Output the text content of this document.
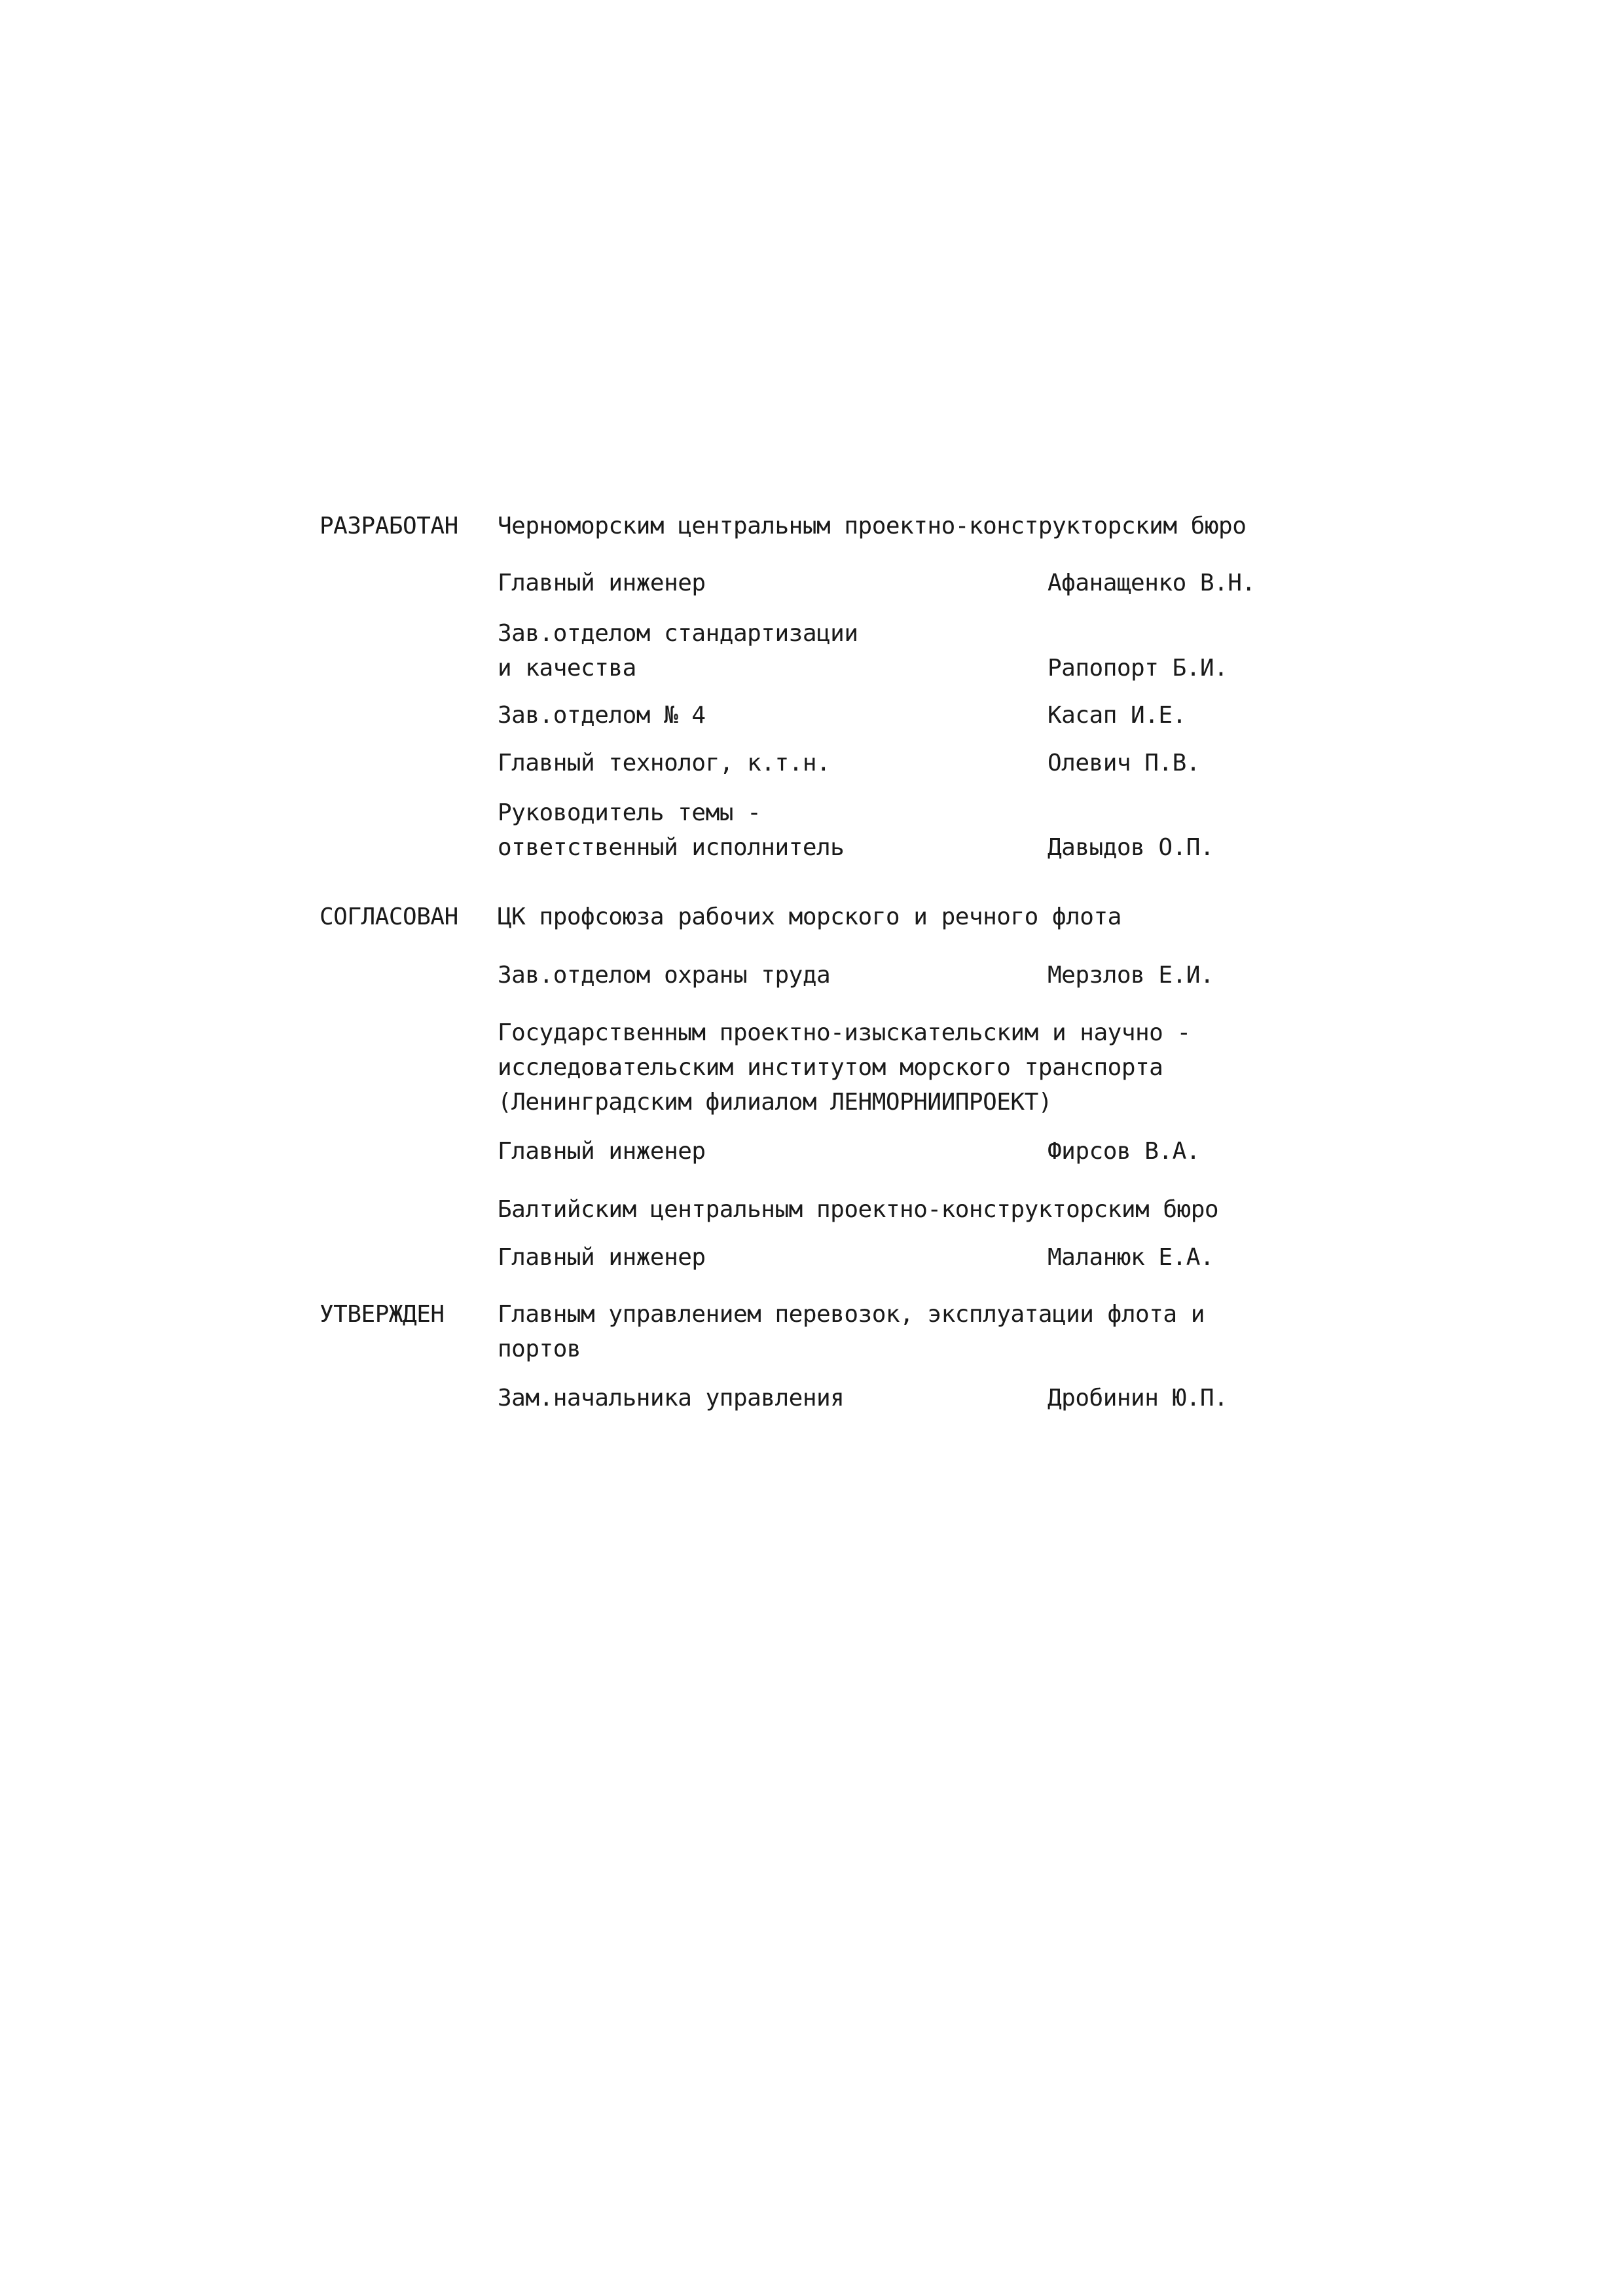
РАЗРАБОТАН Черноморским центральным проектно-конструкторским бюро
Главный инженер	Афанащенко В.Н.
Зав.отделом стандартизации
и качества	Рапопорт Б.И.
Зав.отделом № 4	Касап И.Е.
Главный технолог, к.т.н.	Олевич П.В.
Руководитель темы -
ответственный исполнитель	Давыдов О.П.
СОГЛАСОВАН ЦК профсоюза рабочих морского и речного флота
Зав.отделом охраны труда	Мерзлов Е.И.
Государственным проектно-изыскательским и научно -
исследовательским институтом морского транспорта
(Ленинградским филиалом ЛЕНМОРНИИПРОЕКТ)
Главный инженер	Фирсов В.А.
Балтийским центральным проектно-конструкторским бюро
Главный инженер	Маланюк Е.А.
УТВЕРЖДЕН Главным управлением перевозок, эксплуатации флота и
портов
Зам.начальника управления	Дробинин Ю.П.
